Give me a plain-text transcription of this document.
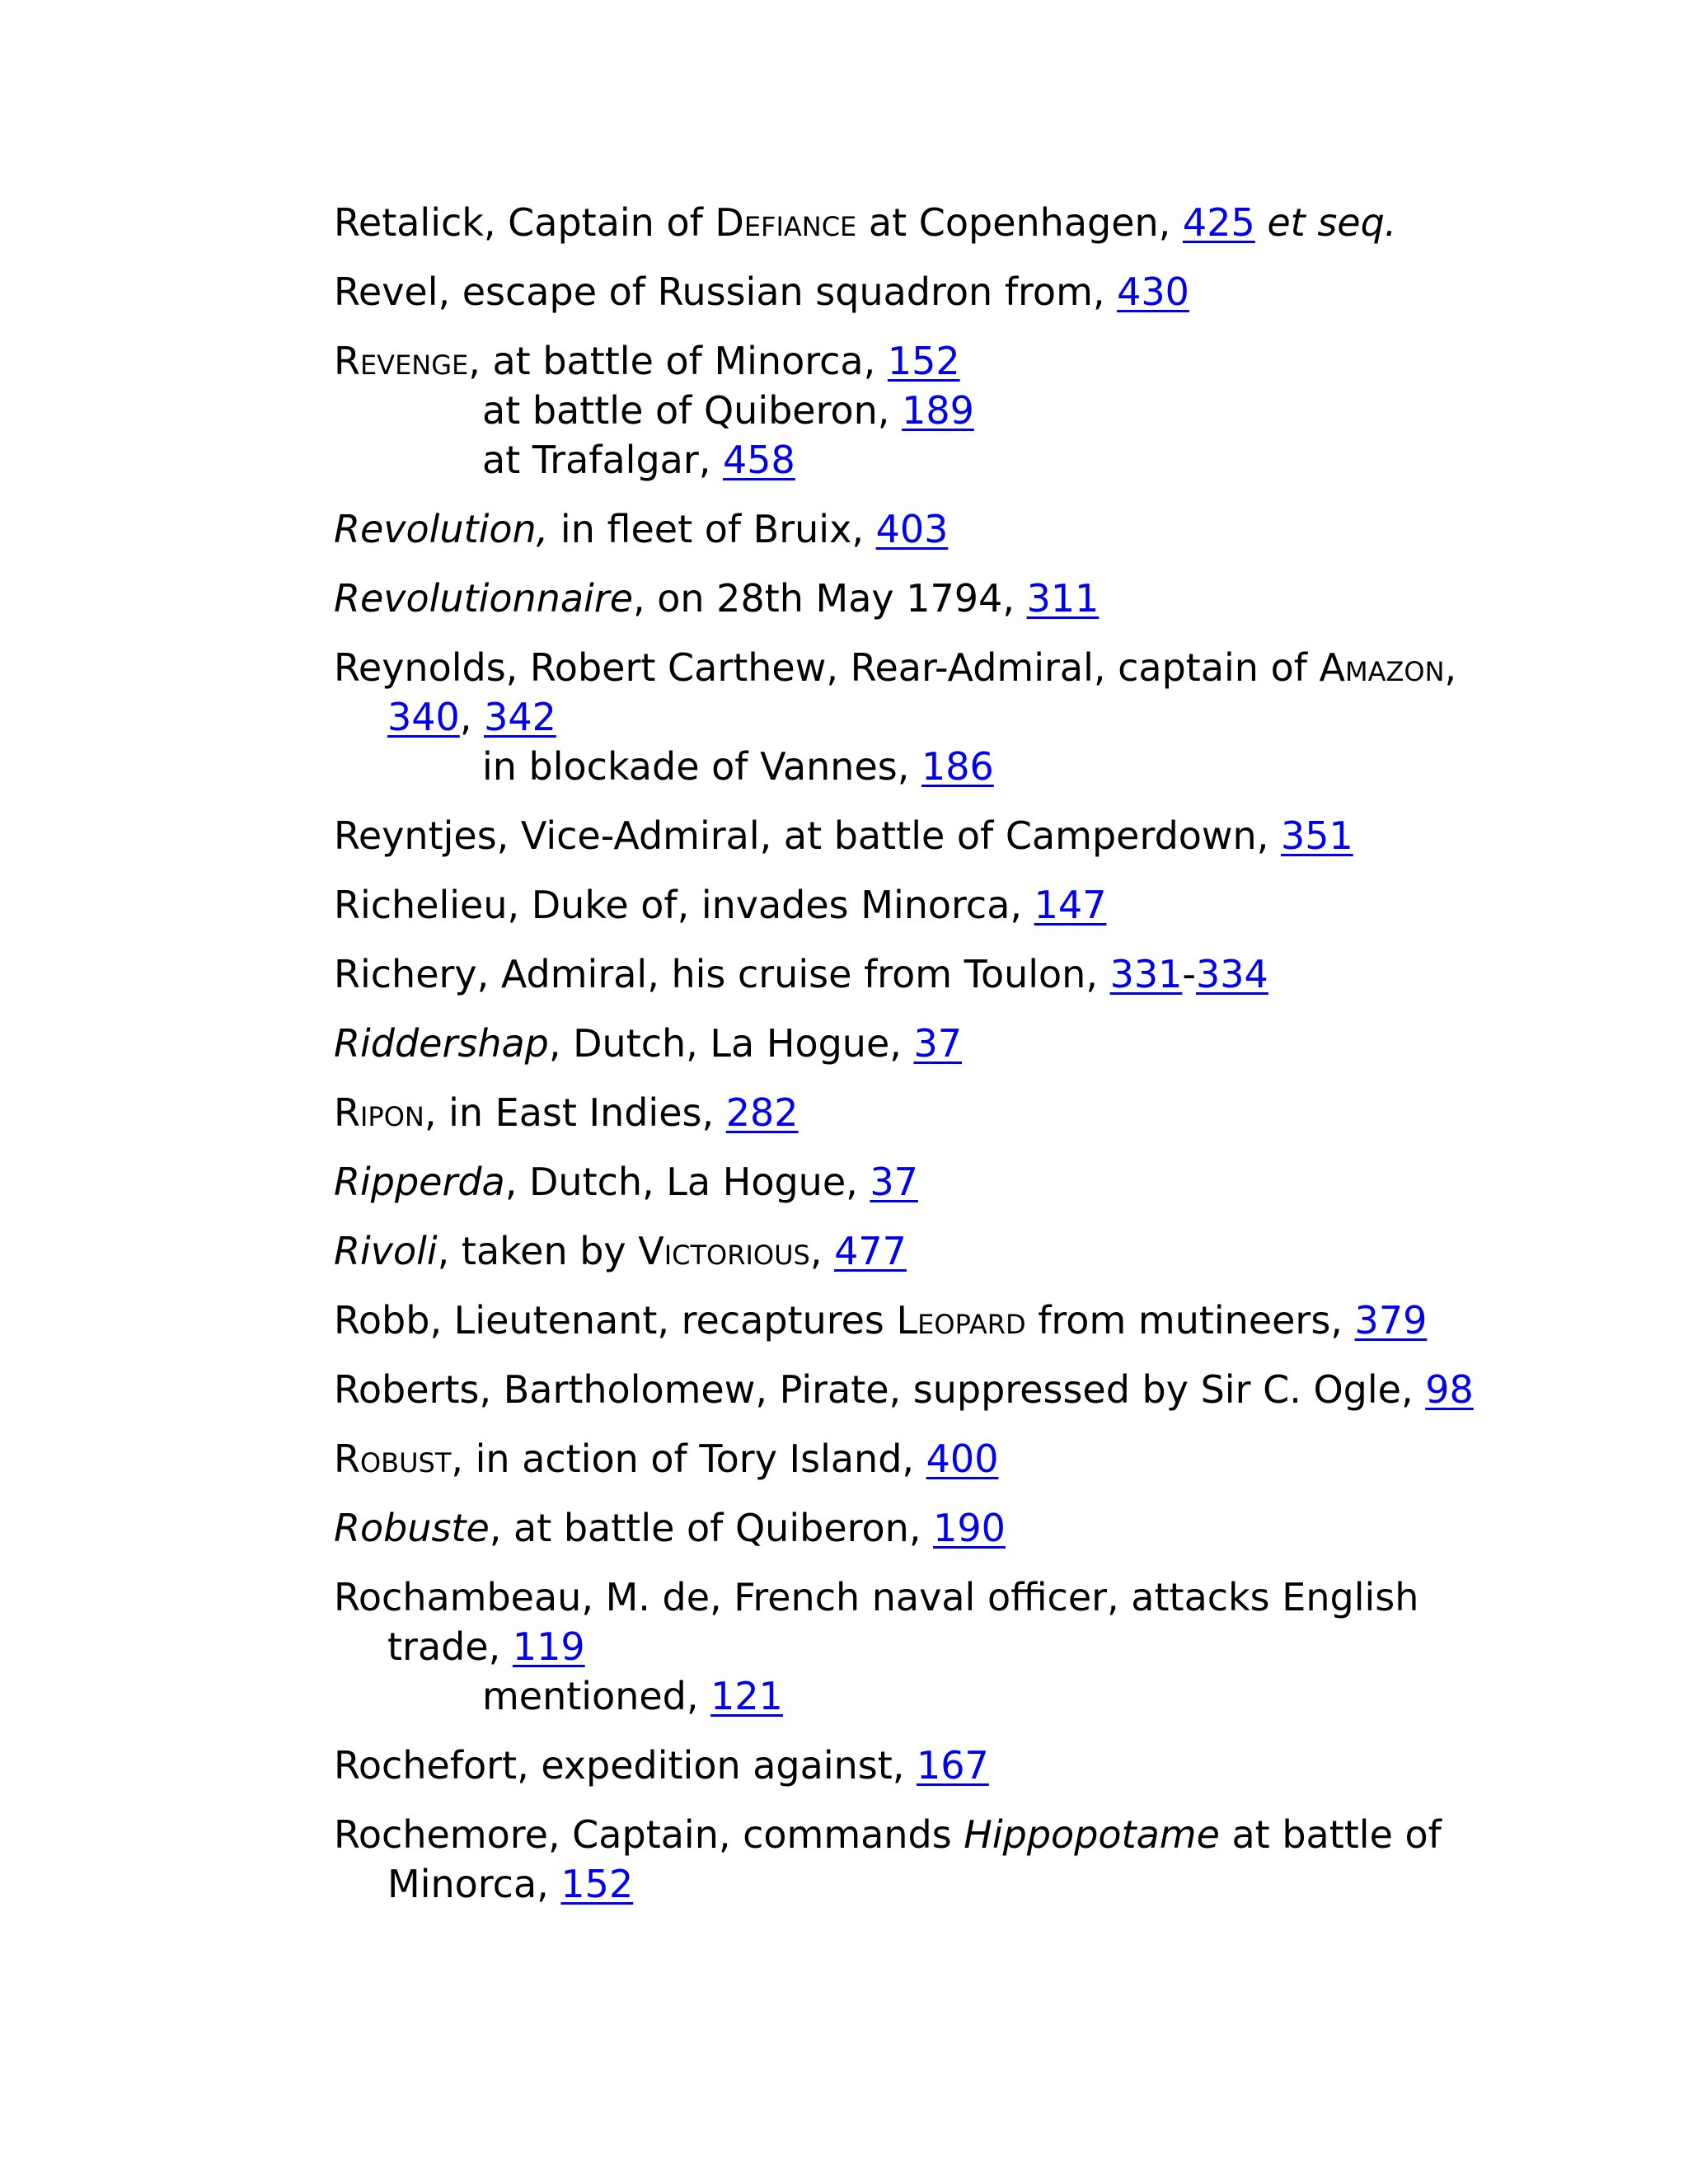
Retalick, Captain of Defiance at Copenhagen, 425 et seq.
Revel, escape of Russian squadron from, 430
Revenge, at battle of Minorca, 152
at battle of Quiberon, 189
at Trafalgar, 458
Revolution, in fleet of Bruix, 403
Revolutionnaire, on 28th May 1794, 311
Reynolds, Robert Carthew, Rear-Admiral, captain of Amazon, 340, 342
in blockade of Vannes, 186
Reyntjes, Vice-Admiral, at battle of Camperdown, 351
Richelieu, Duke of, invades Minorca, 147
Richery, Admiral, his cruise from Toulon, 331-334
Riddershap, Dutch, La Hogue, 37
Ripon, in East Indies, 282
Ripperda, Dutch, La Hogue, 37
Rivoli, taken by Victorious, 477
Robb, Lieutenant, recaptures Leopard from mutineers, 379
Roberts, Bartholomew, Pirate, suppressed by Sir C. Ogle, 98
Robust, in action of Tory Island, 400
Robuste, at battle of Quiberon, 190
Rochambeau, M. de, French naval officer, attacks English trade, 119
mentioned, 121
Rochefort, expedition against, 167
Rochemore, Captain, commands Hippopotame at battle of Minorca, 152
